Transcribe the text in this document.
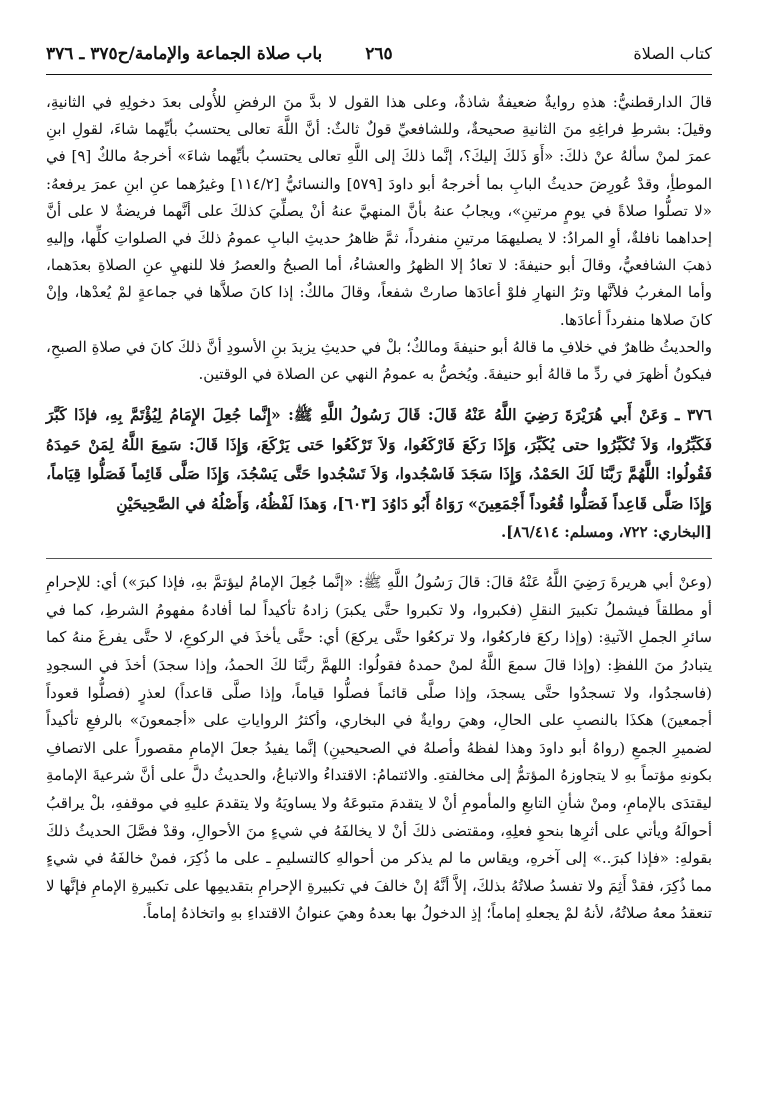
كتاب الصلاة
٢٦٥
باب صلاة الجماعة والإمامة/ح٣٧٥ ـ ٣٧٦

قالَ الدارقطنيُّ: هذهِ روايةٌ ضعيفةٌ شاذةٌ، وعلى هذا القول لا بدَّ منَ الرفضِ للأُولى بعدَ دخولِهِ في الثانيةِ، وقيلَ: بشرطِ فراغِهِ منَ الثانيةِ صحيحةٌ، وللشافعيِّ قولٌ ثالثٌ: أنَّ اللَّهَ تعالى يحتسبُ بأيِّهما شاءَ، لقولِ ابنِ عمرَ لمنْ سألهُ عنْ ذلكَ: «أَوَ ذَلكَ إليكَ؟، إنَّما ذلكَ إلى اللَّهِ تعالى يحتسبُ بأيِّهما شاءَ» أخرجهُ مالكٌ [٩] في الموطأِ، وقدْ عُورِضَ حديثُ البابِ بما أخرجهُ أبو داودَ [٥٧٩] والنسائيُّ [١١٤/٢] وغيرُهما عنِ ابنِ عمرَ يرفعهُ: «لا تصلُّوا صلاةً في يومٍ مرتينِ»، ويجابُ عنهُ بأنَّ المنهيَّ عنهُ أنْ يصلِّيَ كذلكَ على أنَّهما فريضةٌ لا على أنَّ إحداهما نافلةٌ، أوِ المرادُ: لا يصليهمَا مرتينِ منفرداً، ثمَّ ظاهرُ حديثِ البابِ عمومُ ذلكَ في الصلواتِ كلِّها، وإليهِ ذهبَ الشافعيُّ، وقالَ أبو حنيفةَ: لا تعادُ إلا الظهرُ والعشاءُ، أما الصبحُ والعصرُ فلا للنهيِ عنِ الصلاةِ بعدَهما، وأما المغربُ فلأنَّها وترُ النهارِ فلوْ أعادَها صارتْ شفعاً، وقالَ مالكٌ: إذا كانَ صلاَّها في جماعةٍ لمْ يُعدْها، وإنْ كانَ صلاها منفرداً أعادَها.

والحديثُ ظاهرٌ في خلافِ ما قالهُ أبو حنيفةَ ومالكٌ؛ بلْ في حديثِ يزيدَ بنِ الأسودِ أنَّ ذلكَ كانَ في صلاةِ الصبحِ، فيكونُ أظهرَ في ردِّ ما قالهُ أبو حنيفةَ. ويُخصُّ به عمومُ النهي عن الصلاة في الوقتين.

٣٧٦ ـ وَعَنْ أَبي هُرَيْرَةَ رَضِيَ اللَّهُ عَنْهُ قَالَ: قَالَ رَسُولُ اللَّهِ ﷺ: «إِنَّما جُعِلَ الإِمَامُ لِيُؤْتَمَّ بِهِ، فإذَا كَبَّرَ فَكَبِّرُوا، وَلاَ تُكَبِّرُوا حتى يُكَبِّرَ، وَإِذَا رَكَعَ فَارْكَعُوا، وَلاَ تَرْكَعُوا حَتى يَرْكَعَ، وَإِذَا قَالَ: سَمِعَ اللَّهُ لِمَنْ حَمِدَهُ فَقُولُوا: اللَّهُمَّ رَبَّنَا لَكَ الحَمْدُ، وَإِذَا سَجَدَ فَاسْجُدوا، وَلاَ تَسْجُدوا حَتَّى يَسْجُدَ، وَإِذَا صَلَّى قَائِماً فَصَلُّوا قِيَاماً، وَإِذَا صَلَّى قَاعِداً فَصَلُّوا قُعُوداً أَجْمَعِينَ» رَوَاهُ أَبُو دَاوُدَ [٦٠٣]، وَهذَا لَفْظُهُ، وَأَصْلُهُ في الصَّحِيحَيْنِ

[البخاري: ٧٢٢، ومسلم: ٨٦/٤١٤].

(وعنْ أبي هريرةَ رَضِيَ اللَّهُ عَنْهُ قالَ: قالَ رَسُولُ اللَّهِ ﷺ: «إنَّما جُعِلَ الإمامُ ليؤتمَّ بهِ، فإذا كبرَ») أي: للإحرامِ أو مطلقاً فيشملُ تكبيرَ النقلِ (فكبروا، ولا تكبروا حتَّى يكبرَ) زادهُ تأكيداً لما أفادهُ مفهومُ الشرطِ، كما في سائرِ الجملِ الآتيةِ: (وإذا ركعَ فاركعُوا، ولا تركعُوا حتَّى يركعَ) أي: حتَّى يأخذَ في الركوعِ، لا حتَّى يفرغَ منهُ كما يتبادرُ منَ اللفظِ: (وإذا قالَ سمعَ اللَّهُ لمنْ حمدهُ فقولُوا: اللهمَّ ربَّنَا لكَ الحمدُ، وإذا سجدَ) أخذَ في السجودِ (فاسجدُوا، ولا تسجدُوا حتَّى يسجدَ، وإذا صلَّى قائماً فصلُّوا قياماً، وإذا صلَّى قاعداً) لعذرٍ (فصلُّوا قعوداً أجمعينَ) هكذَا بالنصبِ على الحالِ، وهيَ روايةٌ في البخاري، وأكثرُ الرواياتِ على «أجمعونَ» بالرفعِ تأكيداً لضميرِ الجمعِ (رواهُ أبو داودَ وهذا لفظهُ وأصلهُ في الصحيحينِ) إنَّما يفيدُ جعلَ الإمامِ مقصوراً على الاتصافِ بكونهِ مؤتماً بهِ لا يتجاوزهُ المؤتمُّ إلى مخالفتهِ. والائتمامُ: الاقتداءُ والاتباعُ، والحديثُ دلَّ على أنَّ شرعيةَ الإمامةِ ليقتدَى بالإمامِ، ومنْ شأنِ التابعِ والمأمومِ أنْ لا يتقدمَ متبوعَهُ ولا يساويَهُ ولا يتقدمَ عليهِ في موقفهِ، بلْ يراقبُ أحوالَهُ ويأتي على أثرِها بنحوِ فعلِهِ، ومقتضى ذلكَ أنْ لا يخالفَهُ في شيءٍ منَ الأحوالِ، وقدْ فصَّلَ الحديثُ ذلكَ بقولهِ: «فإذا كبرَ..» إلى آخرهِ، ويقاس ما لم يذكر من أحوالهِ كالتسليمِ ـ على ما ذُكِرَ، فمنْ خالفَهُ في شيءٍ مما ذُكِرَ، فقدْ أَثِمَ ولا تفسدُ صلاتُهُ بذلكَ، إلاَّ أنَّهُ إنْ خالفَ في تكبيرةِ الإحرامِ بتقديمِها على تكبيرةِ الإمامِ فإنَّها لا تنعقدُ معهُ صلاتُهُ، لأنهُ لمْ يجعلهِ إماماً؛ إذِ الدخولُ بها بعدهُ وهيَ عنوانُ الاقتداءِ بهِ واتخاذهُ إماماً.
